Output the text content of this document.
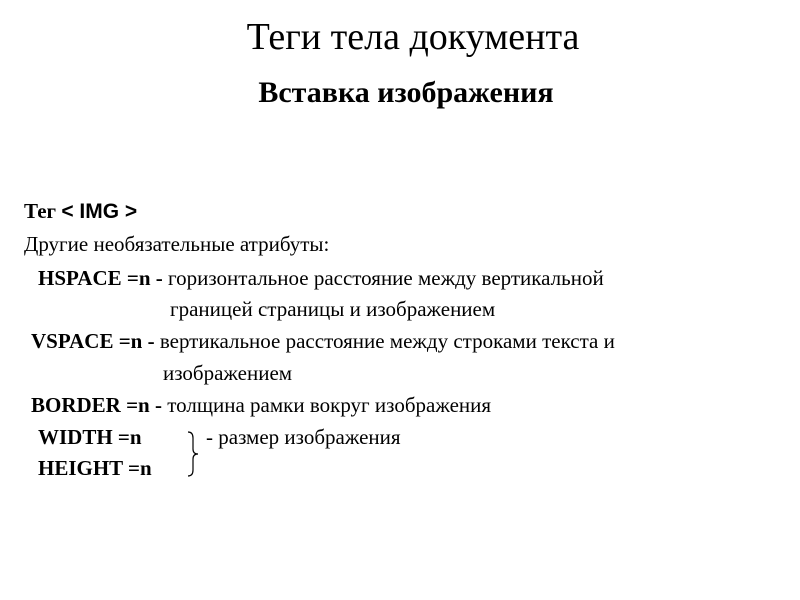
Теги тела документа
Вставка изображения
Тег < IMG >
Другие необязательные атрибуты:
HSPACE =n - горизонтальное расстояние между вертикальной
границей страницы и изображением
VSPACE =n - вертикальное расстояние между строками текста и
изображением
BORDER =n - толщина рамки вокруг изображения
WIDTH =n	- размер изображения
HEIGHT =n
